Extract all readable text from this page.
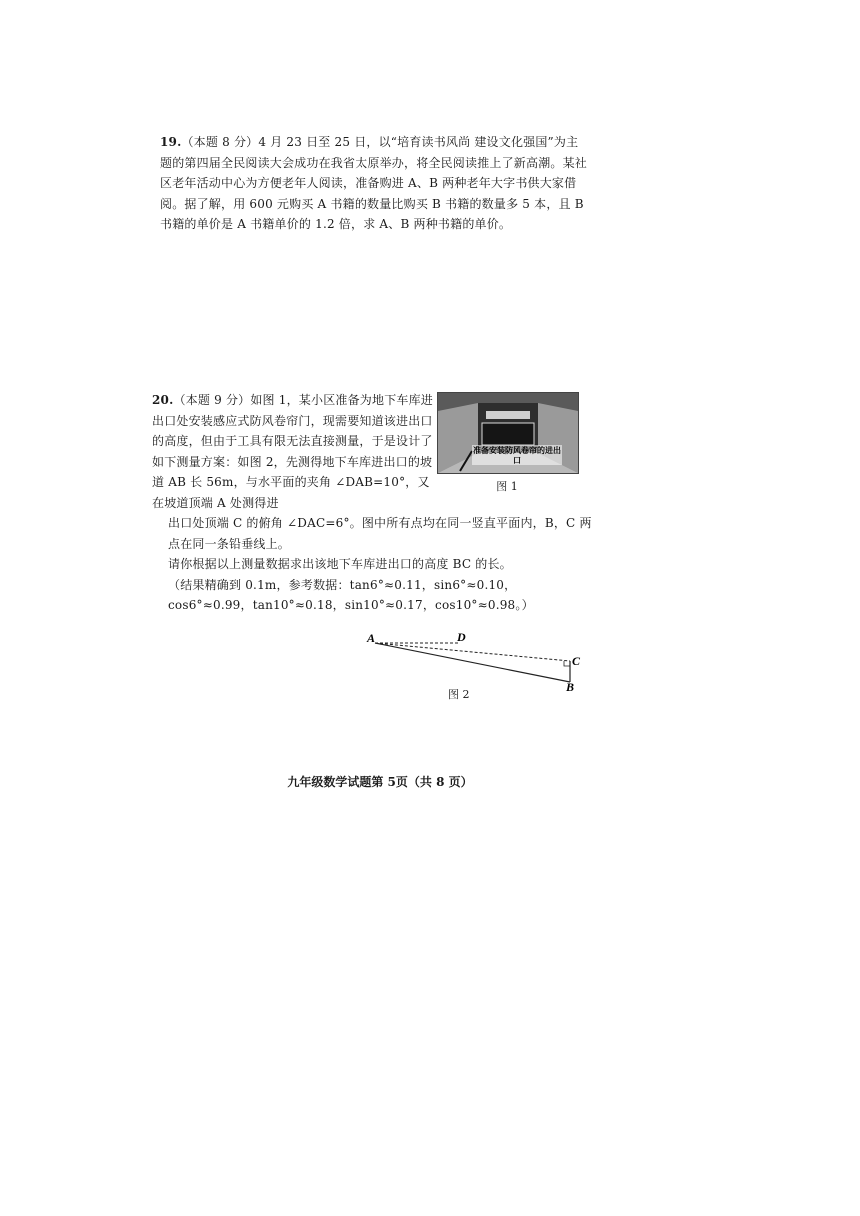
19.（本题 8 分）4 月 23 日至 25 日，以“培育读书风尚 建设文化强国”为主题的第四届全民阅读大会成功在我省太原举办，将全民阅读推上了新高潮。某社区老年活动中心为方便老年人阅读，准备购进 A、B 两种老年大字书供大家借阅。据了解，用 600 元购买 A 书籍的数量比购买 B 书籍的数量多 5 本，且 B 书籍的单价是 A 书籍单价的 1.2 倍，求 A、B 两种书籍的单价。
20.（本题 9 分）如图 1，某小区准备为地下车库进出口处安装感应式防风卷帘门，现需要知道该进出口的高度，但由于工具有限无法直接测量，于是设计了如下测量方案：如图 2，先测得地下车库进出口的坡道 AB 长 56m，与水平面的夹角 ∠DAB=10°，又在坡道顶端 A 处测得进
出口处顶端 C 的俯角 ∠DAC=6°。图中所有点均在同一竖直平面内，B，C 两点在同一条铅垂线上。
请你根据以上测量数据求出该地下车库进出口的高度 BC 的长。
（结果精确到 0.1m，参考数据：tan6°≈0.11，sin6°≈0.10，cos6°≈0.99，tan10°≈0.18，sin10°≈0.17，cos10°≈0.98。）
准备安装防风卷帘的进出口
图 1
A	D
C
B
图 2
九年级数学试题第 5页（共 8 页）
